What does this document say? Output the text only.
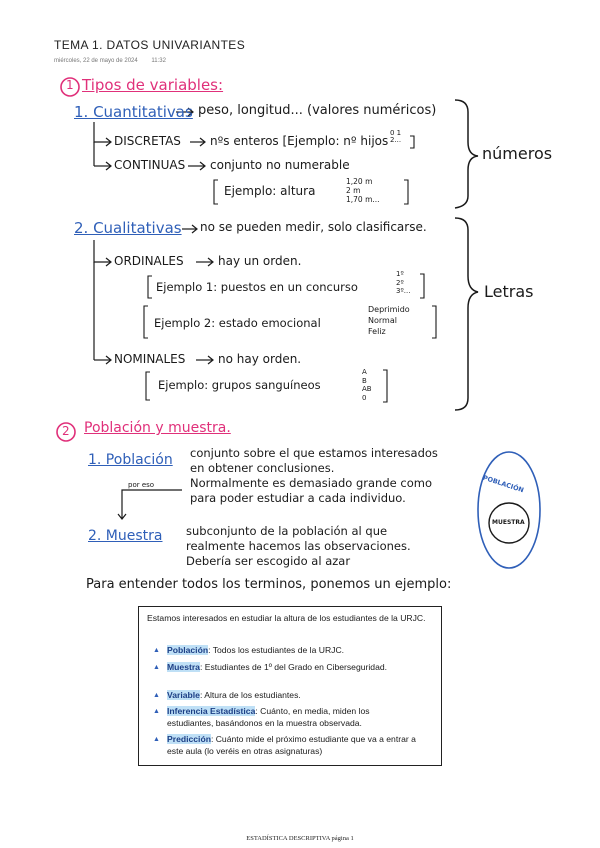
TEMA 1. DATOS UNIVARIANTES
miércoles, 22 de mayo de 2024 11:32
1 Tipos de variables:
1. Cuantitativas peso, longitud... (valores numéricos)
DISCRETAS nºs enteros [Ejemplo: nº hijos
0 1 2...
CONTINUAS conjunto no numerable
Ejemplo: altura
1,20 m
2 m
1,70 m...
números
2. Cualitativas no se pueden medir, solo clasificarse.
ORDINALES	hay un orden.
Ejemplo 1: puestos en un concurso
1º
2º
3º...
Ejemplo 2: estado emocional
Deprimido
Normal
Feliz
NOMINALES	no hay orden.
Ejemplo: grupos sanguíneos
A
B
AB
0
Letras
2 Población y muestra.
1. Población conjunto sobre el que estamos interesados
en obtener conclusiones.
Normalmente es demasiado grande como
para poder estudiar a cada individuo.
por eso
2. Muestra subconjunto de la población al que
realmente hacemos las observaciones.
Debería ser escogido al azar
POBLACIÓN
MUESTRA
Para entender todos los terminos, ponemos un ejemplo:
Estamos interesados en estudiar la altura de los estudiantes de la URJC.
▲ Población: Todos los estudiantes de la URJC.
▲ Muestra: Estudiantes de 1º del Grado en Ciberseguridad.
▲ Variable: Altura de los estudiantes.
▲ Inferencia Estadística: Cuánto, en media, miden los estudiantes, basándonos en la muestra observada.
▲ Predicción: Cuánto mide el próximo estudiante que va a entrar a este aula (lo veréis en otras asignaturas)
ESTADÍSTICA DESCRIPTIVA página 1
